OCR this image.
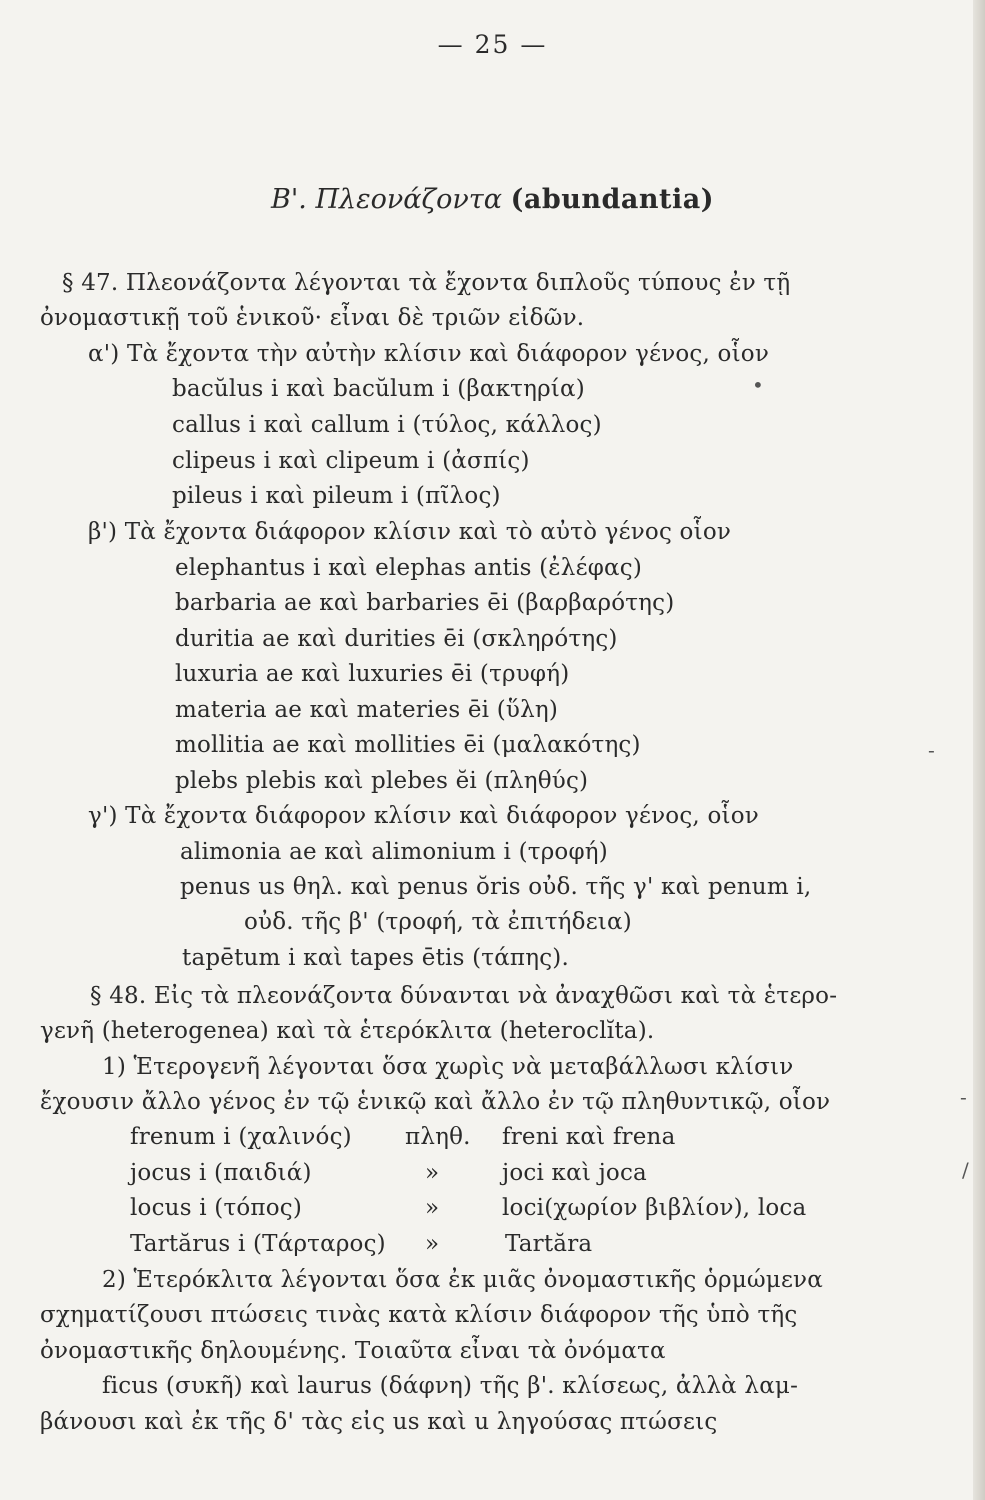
— 25 —
Β'. Πλεονάζοντα (abundantia)
§ 47. Πλεονάζοντα λέγονται τὰ ἔχοντα διπλοῦς τύπους ἐν τῇ
ὀνομαστικῇ τοῦ ἑνικοῦ· εἶναι δὲ τριῶν εἰδῶν.
α') Τὰ ἔχοντα τὴν αὐτὴν κλίσιν καὶ διάφορον γένος, οἷον
bacŭlus i καὶ bacŭlum i (βακτηρία)
callus i καὶ callum i (τύλος, κάλλος)
clipeus i καὶ clipeum i (ἀσπίς)
pileus i καὶ pileum i (πῖλος)
β') Τὰ ἔχοντα διάφορον κλίσιν καὶ τὸ αὐτὸ γένος οἷον
elephantus i καὶ elephas antis (ἐλέφας)
barbaria ae καὶ barbaries ēi (βαρβαρότης)
duritia ae καὶ durities ēi (σκληρότης)
luxuria ae καὶ luxuries ēi (τρυφή)
materia ae καὶ materies ēi (ὕλη)
mollitia ae καὶ mollities ēi (μαλακότης)
plebs plebis καὶ plebes ĕi (πληθύς)
γ') Τὰ ἔχοντα διάφορον κλίσιν καὶ διάφορον γένος, οἷον
alimonia ae καὶ alimonium i (τροφή)
penus us θηλ. καὶ penus ŏris οὐδ. τῆς γ' καὶ penum i,
οὐδ. τῆς β' (τροφή, τὰ ἐπιτήδεια)
tapētum i καὶ tapes ētis (τάπης).
§ 48. Εἰς τὰ πλεονάζοντα δύνανται νὰ ἀναχθῶσι καὶ τὰ ἑτερο-
γενῆ (heterogenea) καὶ τὰ ἑτερόκλιτα (heteroclĭta).
1) Ἑτερογενῆ λέγονται ὅσα χωρὶς νὰ μεταβάλλωσι κλίσιν
ἔχουσιν ἄλλο γένος ἐν τῷ ἑνικῷ καὶ ἄλλο ἐν τῷ πληθυντικῷ, οἷον
frenum i (χαλινός) πληθ. freni καὶ frena
jocus i (παιδιά)	»	joci καὶ joca
locus i (τόπος)	»	loci(χωρίον βιβλίον), loca
Tartărus i (Τάρταρος) »	Tartăra
2) Ἑτερόκλιτα λέγονται ὅσα ἐκ μιᾶς ὀνομαστικῆς ὁρμώμενα
σχηματίζουσι πτώσεις τινὰς κατὰ κλίσιν διάφορον τῆς ὑπὸ τῆς
ὀνομαστικῆς δηλουμένης. Τοιαῦτα εἶναι τὰ ὀνόματα
ficus (συκῆ) καὶ laurus (δάφνη) τῆς β'. κλίσεως, ἀλλὰ λαμ-
βάνουσι καὶ ἐκ τῆς δ' τὰς εἰς us καὶ u ληγούσας πτώσεις
•
-
/
-
